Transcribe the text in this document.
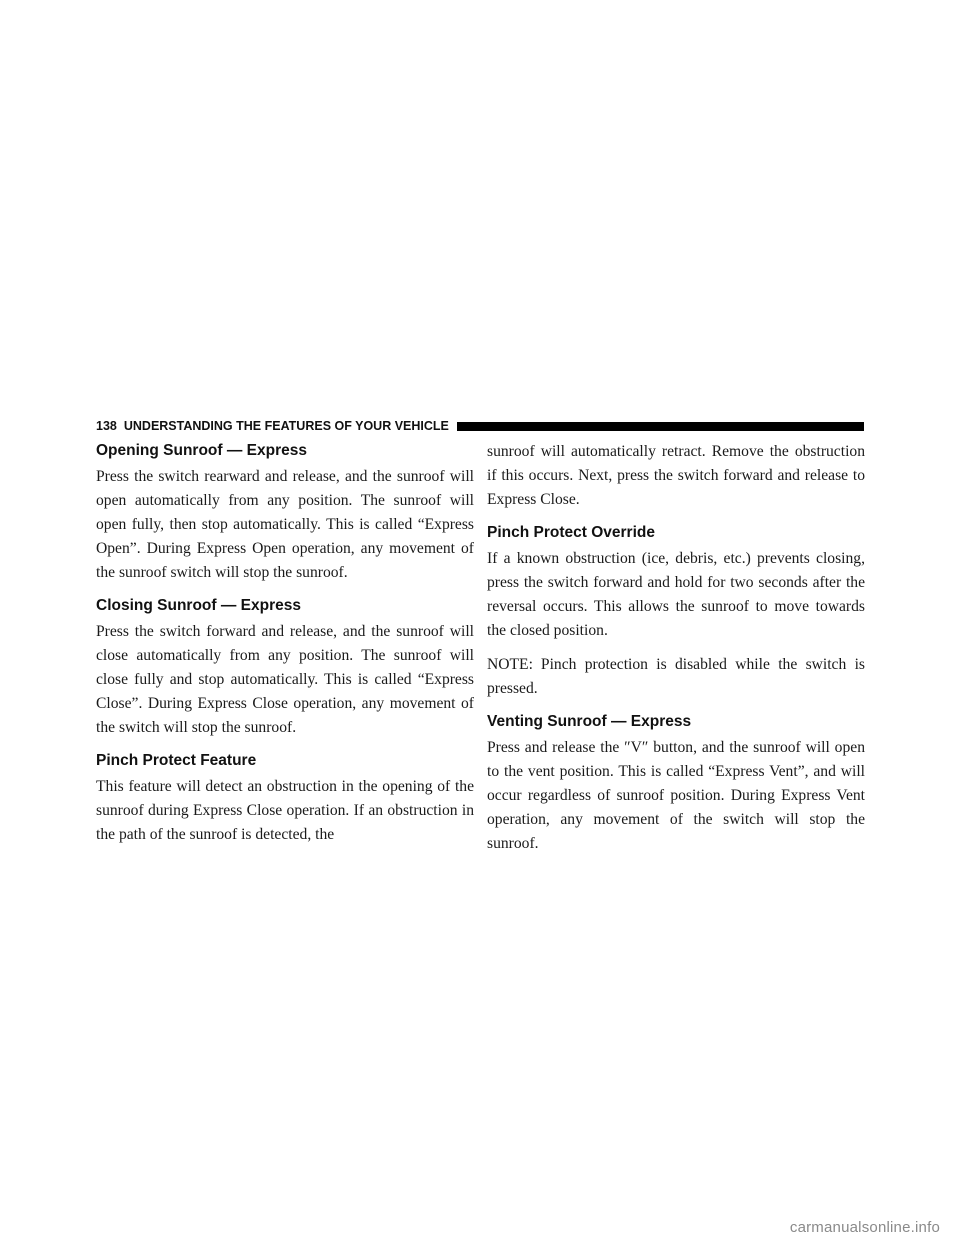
138 UNDERSTANDING THE FEATURES OF YOUR VEHICLE
Opening Sunroof — Express

Press the switch rearward and release, and the sunroof will open automatically from any position. The sunroof will open fully, then stop automatically. This is called “Express Open”. During Express Open operation, any movement of the sunroof switch will stop the sunroof.

Closing Sunroof — Express

Press the switch forward and release, and the sunroof will close automatically from any position. The sunroof will close fully and stop automatically. This is called “Express Close”. During Express Close operation, any movement of the switch will stop the sunroof.

Pinch Protect Feature

This feature will detect an obstruction in the opening of the sunroof during Express Close operation. If an obstruction in the path of the sunroof is detected, the

sunroof will automatically retract. Remove the obstruction if this occurs. Next, press the switch forward and release to Express Close.

Pinch Protect Override

If a known obstruction (ice, debris, etc.) prevents closing, press the switch forward and hold for two seconds after the reversal occurs. This allows the sunroof to move towards the closed position.

NOTE: Pinch protection is disabled while the switch is pressed.

Venting Sunroof — Express

Press and release the ″V″ button, and the sunroof will open to the vent position. This is called “Express Vent”, and will occur regardless of sunroof position. During Express Vent operation, any movement of the switch will stop the sunroof.

carmanualsonline.info
